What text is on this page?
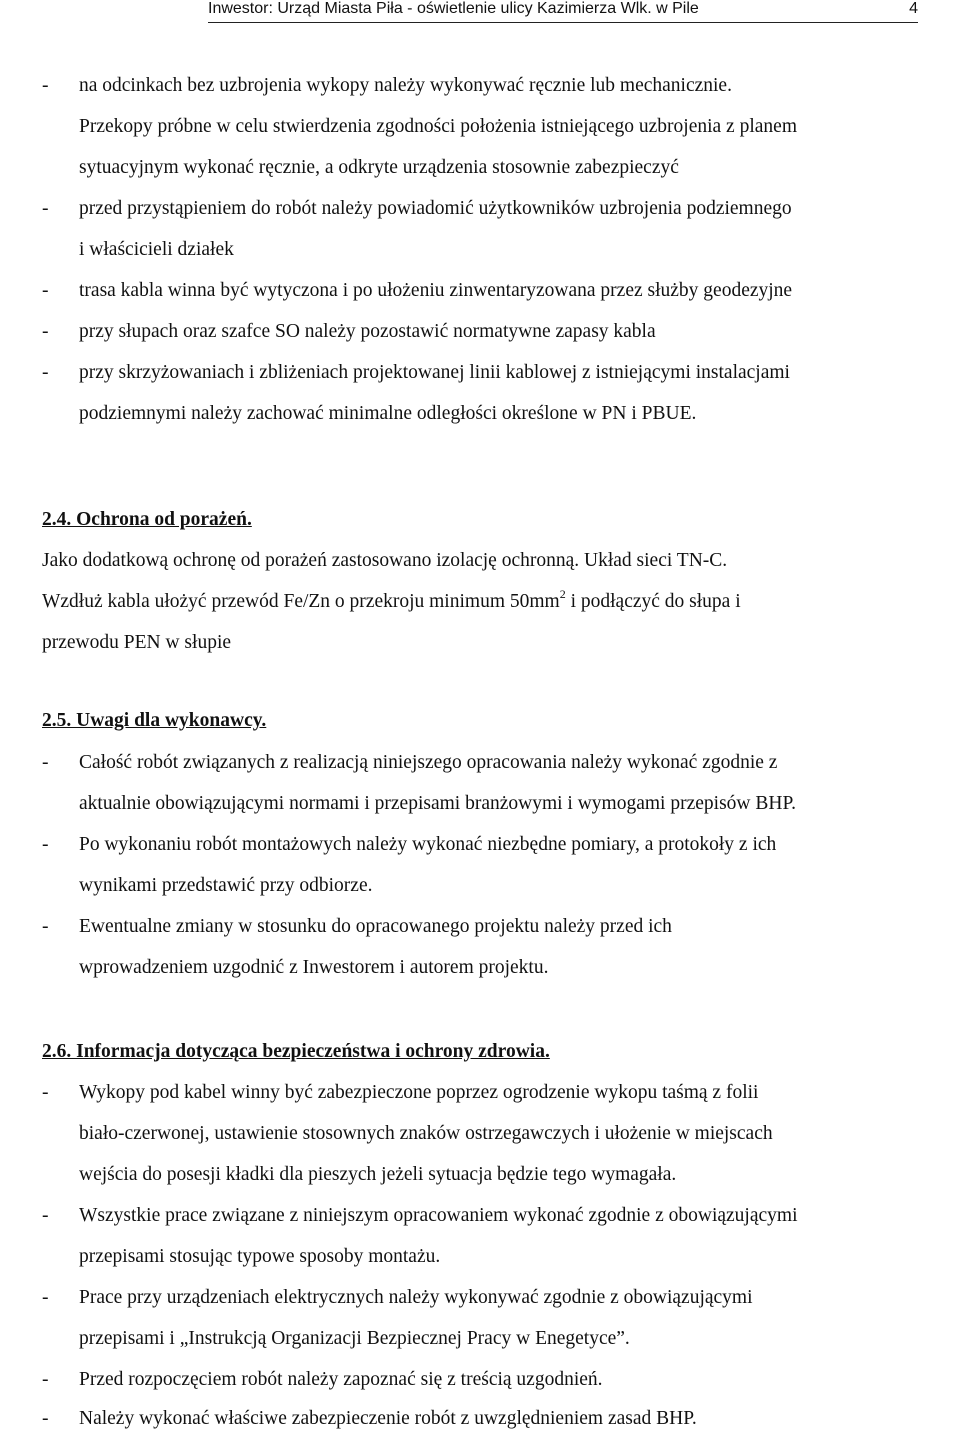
Inwestor: Urząd Miasta Piła - oświetlenie ulicy Kazimierza Wlk. w Pile	4
- na odcinkach bez uzbrojenia wykopy należy wykonywać ręcznie lub mechanicznie.
Przekopy próbne w celu stwierdzenia zgodności położenia istniejącego uzbrojenia z planem
sytuacyjnym wykonać ręcznie, a odkryte urządzenia stosownie zabezpieczyć
- przed przystąpieniem do robót należy powiadomić użytkowników uzbrojenia podziemnego
i właścicieli działek
- trasa kabla winna być wytyczona i po ułożeniu zinwentaryzowana przez służby geodezyjne
- przy słupach oraz szafce SO należy pozostawić normatywne zapasy kabla
- przy skrzyżowaniach i zbliżeniach projektowanej linii kablowej z istniejącymi instalacjami
podziemnymi należy zachować minimalne odległości określone w PN i PBUE.
2.4. Ochrona od porażeń.
Jako dodatkową ochronę od porażeń zastosowano izolację ochronną. Układ sieci TN-C.
Wzdłuż kabla ułożyć przewód Fe/Zn o przekroju minimum $50mm^2$ i podłączyć do słupa i
przewodu PEN w słupie
2.5. Uwagi dla wykonawcy.
- Całość robót związanych z realizacją niniejszego opracowania należy wykonać zgodnie z
aktualnie obowiązującymi normami i przepisami branżowymi i wymogami przepisów BHP.
- Po wykonaniu robót montażowych należy wykonać niezbędne pomiary, a protokoły z ich
wynikami przedstawić przy odbiorze.
- Ewentualne zmiany w stosunku do opracowanego projektu należy przed ich
wprowadzeniem uzgodnić z Inwestorem i autorem projektu.
2.6. Informacja dotycząca bezpieczeństwa i ochrony zdrowia.
- Wykopy pod kabel winny być zabezpieczone poprzez ogrodzenie wykopu taśmą z folii
biało-czerwonej, ustawienie stosownych znaków ostrzegawczych i ułożenie w miejscach
wejścia do posesji kładki dla pieszych jeżeli sytuacja będzie tego wymagała.
- Wszystkie prace związane z niniejszym opracowaniem wykonać zgodnie z obowiązującymi
przepisami stosując typowe sposoby montażu.
- Prace przy urządzeniach elektrycznych należy wykonywać zgodnie z obowiązującymi
przepisami i „Instrukcją Organizacji Bezpiecznej Pracy w Enegetyce”.
- Przed rozpoczęciem robót należy zapoznać się z treścią uzgodnień.
- Należy wykonać właściwe zabezpieczenie robót z uwzględnieniem zasad BHP.
